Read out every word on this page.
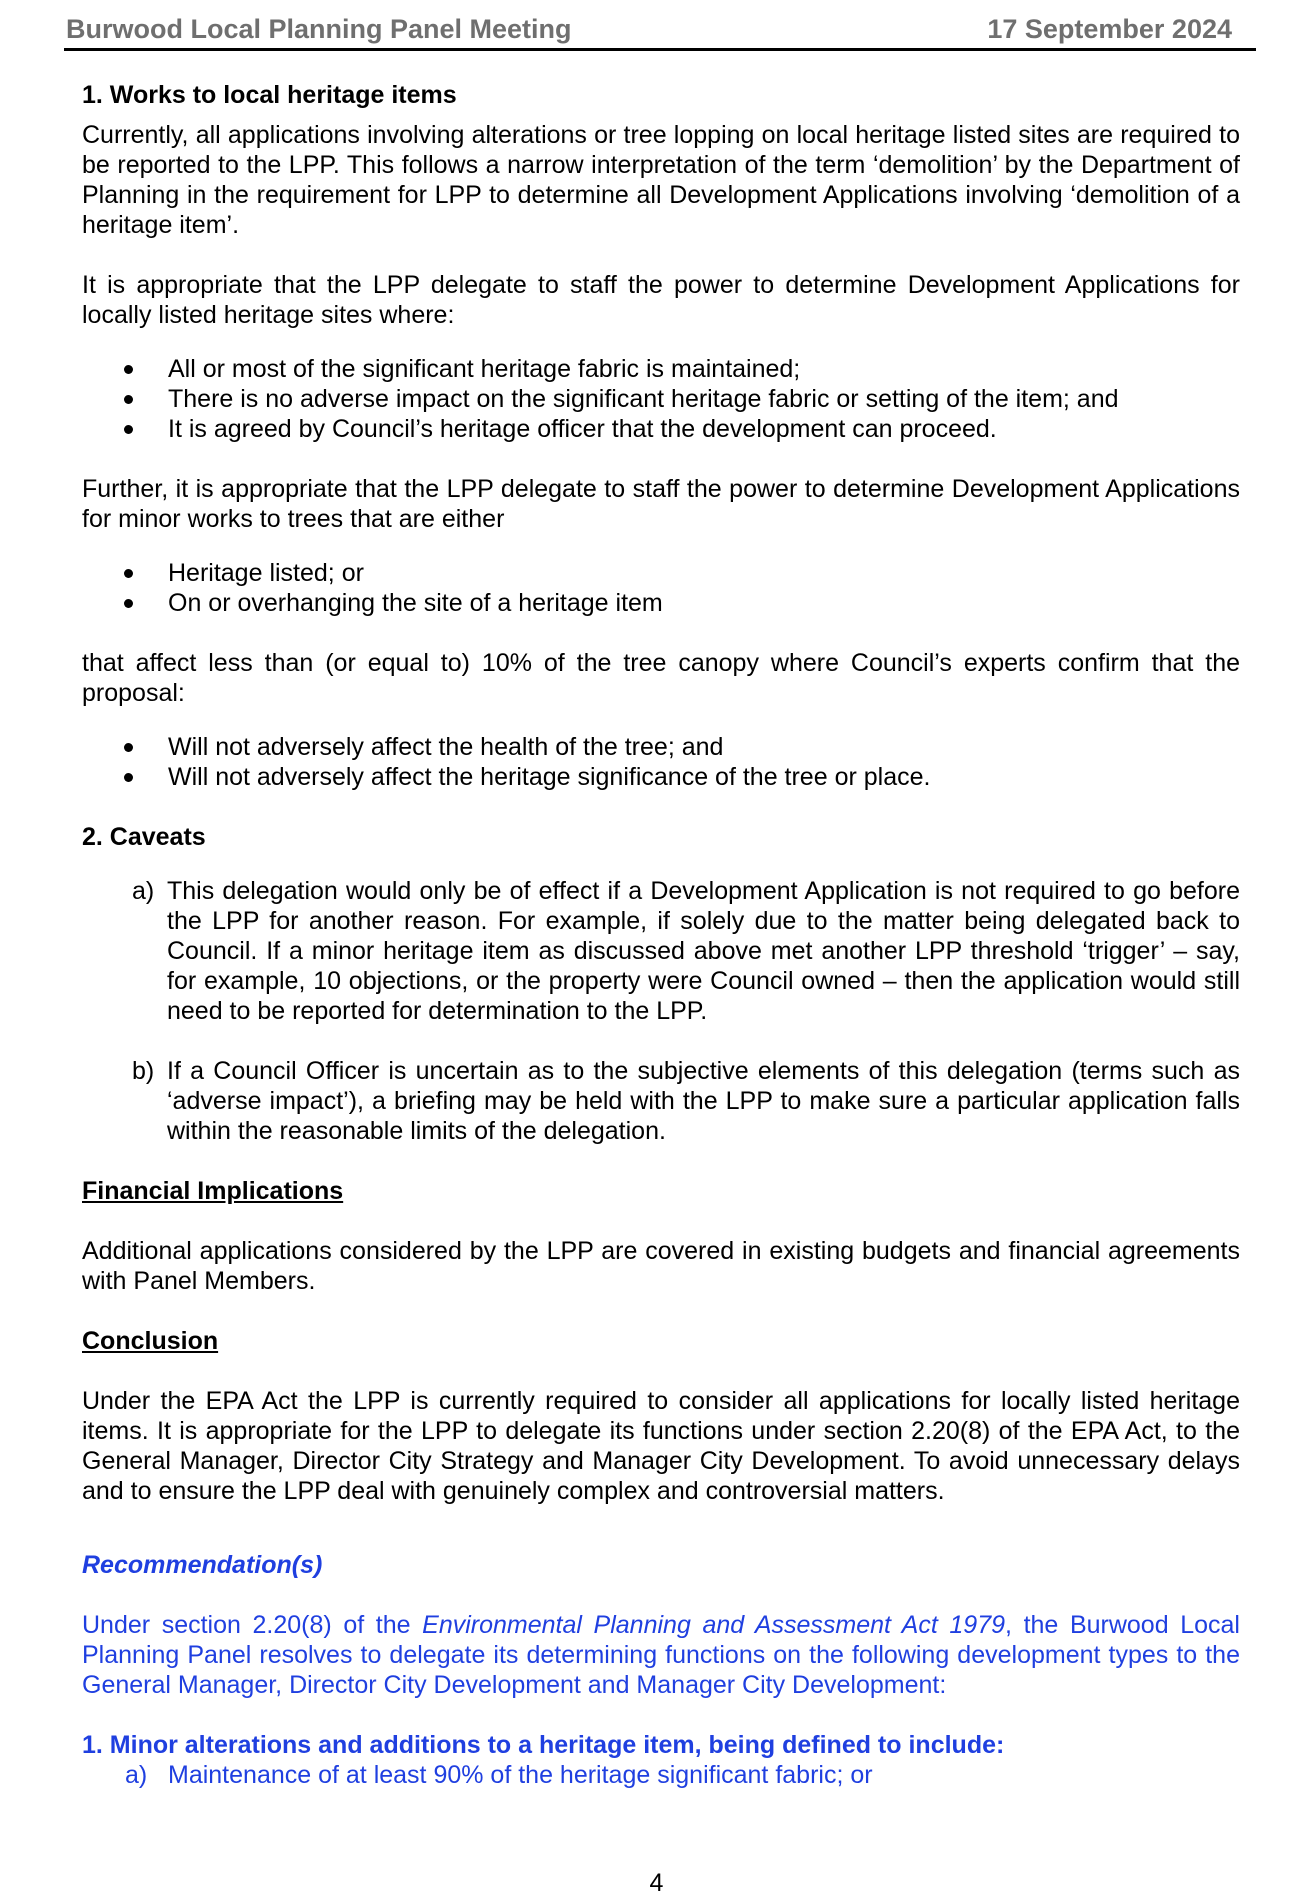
Burwood Local Planning Panel Meeting	17 September 2024
1. Works to local heritage items

Currently, all applications involving alterations or tree lopping on local heritage listed sites are required to be reported to the LPP. This follows a narrow interpretation of the term ‘demolition’ by the Department of Planning in the requirement for LPP to determine all Development Applications involving ‘demolition of a heritage item’.

It is appropriate that the LPP delegate to staff the power to determine Development Applications for locally listed heritage sites where:

All or most of the significant heritage fabric is maintained;
There is no adverse impact on the significant heritage fabric or setting of the item; and
It is agreed by Council’s heritage officer that the development can proceed.

Further, it is appropriate that the LPP delegate to staff the power to determine Development Applications for minor works to trees that are either

Heritage listed; or
On or overhanging the site of a heritage item

that affect less than (or equal to) 10% of the tree canopy where Council’s experts confirm that the proposal:

Will not adversely affect the health of the tree; and
Will not adversely affect the heritage significance of the tree or place.
2. Caveats
a) This delegation would only be of effect if a Development Application is not required to go before the LPP for another reason. For example, if solely due to the matter being delegated back to Council. If a minor heritage item as discussed above met another LPP threshold ‘trigger’ – say, for example, 10 objections, or the property were Council owned – then the application would still need to be reported for determination to the LPP.
b) If a Council Officer is uncertain as to the subjective elements of this delegation (terms such as ‘adverse impact’), a briefing may be held with the LPP to make sure a particular application falls within the reasonable limits of the delegation.

Financial Implications

Additional applications considered by the LPP are covered in existing budgets and financial agreements with Panel Members.

Conclusion

Under the EPA Act the LPP is currently required to consider all applications for locally listed heritage items. It is appropriate for the LPP to delegate its functions under section 2.20(8) of the EPA Act, to the General Manager, Director City Strategy and Manager City Development. To avoid unnecessary delays and to ensure the LPP deal with genuinely complex and controversial matters.

Recommendation(s)

Under section 2.20(8) of the Environmental Planning and Assessment Act 1979, the Burwood Local Planning Panel resolves to delegate its determining functions on the following development types to the General Manager, Director City Development and Manager City Development:

1. Minor alterations and additions to a heritage item, being defined to include:

a) Maintenance of at least 90% of the heritage significant fabric; or

4
